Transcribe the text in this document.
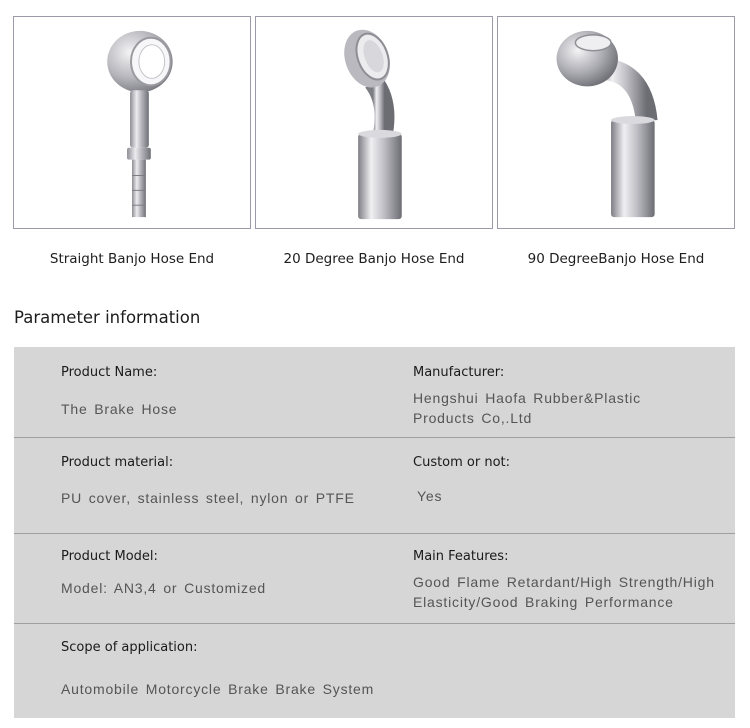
Straight Banjo Hose End	20 Degree Banjo Hose End	90 DegreeBanjo Hose End
Parameter information
Product Name:
The Brake Hose
Manufacturer:
Hengshui Haofa Rubber&Plastic
Products Co,.Ltd
Product material:
PU cover, stainless steel, nylon or PTFE
Custom or not:
Yes
Product Model:
Model: AN3,4 or Customized
Main Features:
Good Flame Retardant/High Strength/High
Elasticity/Good Braking Performance
Scope of application:
Automobile Motorcycle Brake Brake System
